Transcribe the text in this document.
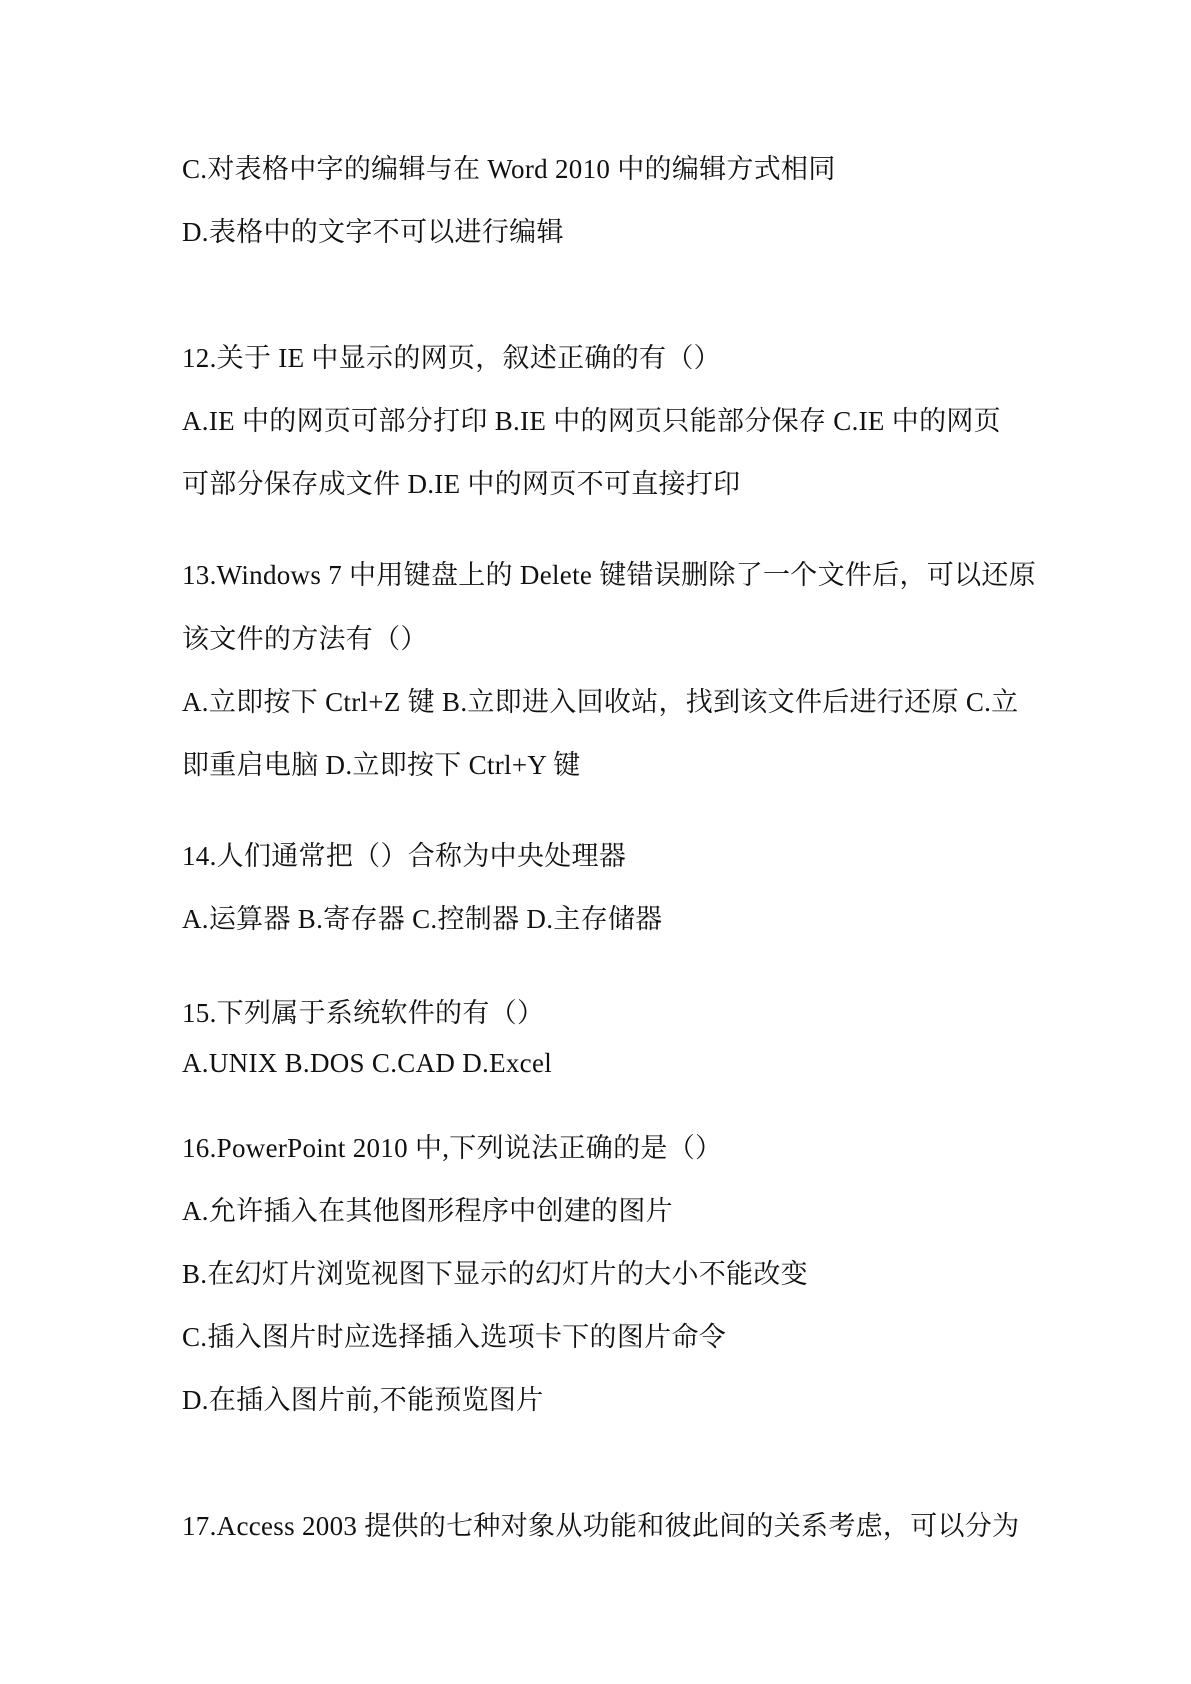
C.对表格中字的编辑与在 Word 2010 中的编辑方式相同
D.表格中的文字不可以进行编辑
12.关于 IE 中显示的网页，叙述正确的有（）
A.IE 中的网页可部分打印 B.IE 中的网页只能部分保存 C.IE 中的网页
可部分保存成文件 D.IE 中的网页不可直接打印
13.Windows 7 中用键盘上的 Delete 键错误删除了一个文件后，可以还原
该文件的方法有（）
A.立即按下 Ctrl+Z 键 B.立即进入回收站，找到该文件后进行还原 C.立
即重启电脑 D.立即按下 Ctrl+Y 键
14.人们通常把（）合称为中央处理器
A.运算器 B.寄存器 C.控制器 D.主存储器
15.下列属于系统软件的有（）
A.UNIX B.DOS C.CAD D.Excel
16.PowerPoint 2010 中,下列说法正确的是（）
A.允许插入在其他图形程序中创建的图片
B.在幻灯片浏览视图下显示的幻灯片的大小不能改变
C.插入图片时应选择插入选项卡下的图片命令
D.在插入图片前,不能预览图片
17.Access 2003 提供的七种对象从功能和彼此间的关系考虑，可以分为
